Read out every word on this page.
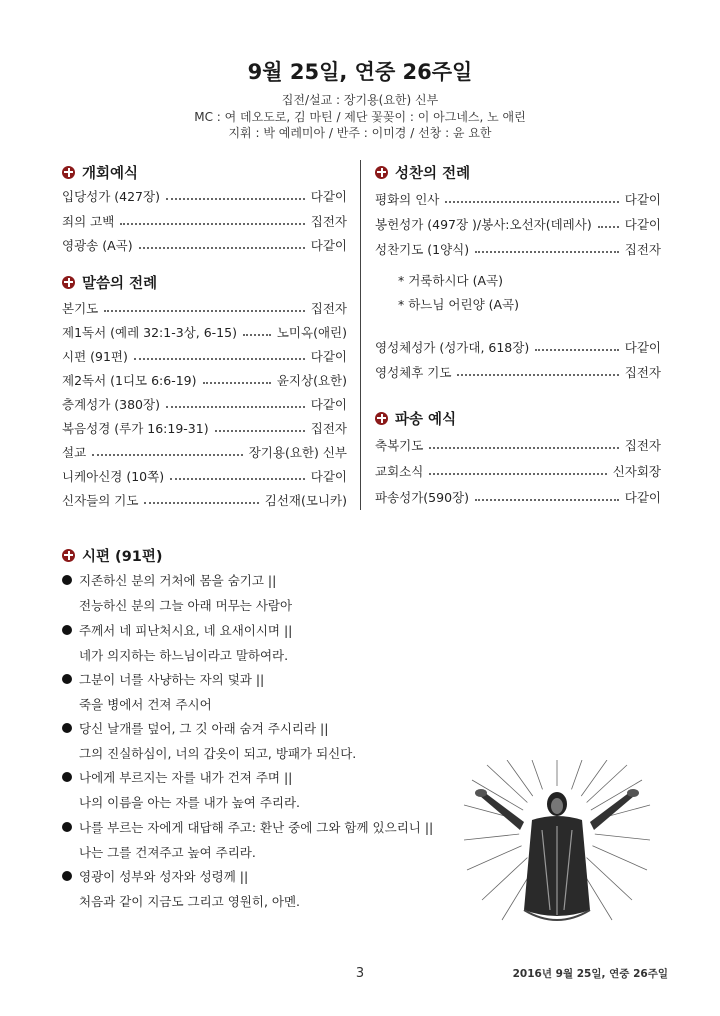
9월 25일, 연중 26주일
집전/설교 : 장기용(요한) 신부
MC : 여 데오도로, 김 마틴 / 제단 꽃꽂이 : 이 아그네스, 노 애린
지휘 : 박 예레미아 / 반주 : 이미경 / 선창 : 윤 요한
개회예식
입당성가 (427장)	다같이
죄의 고백	집전자
영광송 (A곡)	다같이
말씀의 전례
본기도	집전자
제1독서 (예레 32:1-3상, 6-15)	노미옥(애린)
시편 (91편)	다같이
제2독서 (1디모 6:6-19)	윤지상(요한)
층계성가 (380장)	다같이
복음성경 (루가 16:19-31)	집전자
설교	장기용(요한) 신부
니케아신경 (10쪽)	다같이
신자들의 기도	김선재(모니카)
성찬의 전례
평화의 인사	다같이
봉헌성가 (497장 )/봉사:오선자(데레사)	다같이
성찬기도 (1양식)	집전자
* 거룩하시다 (A곡)
* 하느님 어린양 (A곡)
영성체성가 (성가대, 618장)	다같이
영성체후 기도	집전자
파송 예식
축복기도	집전자
교회소식	신자회장
파송성가(590장)	다같이
시편 (91편)
지존하신 분의 거처에 몸을 숨기고 ||
전능하신 분의 그늘 아래 머무는 사람아
주께서 네 피난처시요, 네 요새이시며 ||
네가 의지하는 하느님이라고 말하여라.
그분이 너를 사냥하는 자의 덫과 ||
죽을 병에서 건져 주시어
당신 날개를 덮어, 그 깃 아래 숨겨 주시리라 ||
그의 진실하심이, 너의 갑옷이 되고, 방패가 되신다.
나에게 부르지는 자를 내가 건져 주며 ||
나의 이름을 아는 자를 내가 높여 주리라.
나를 부르는 자에게 대답해 주고: 환난 중에 그와 함께 있으리니 ||
나는 그를 건져주고 높여 주리라.
영광이 성부와 성자와 성령께 ||
처음과 같이 지금도 그리고 영원히, 아멘.
3	2016년 9월 25일, 연중 26주일
